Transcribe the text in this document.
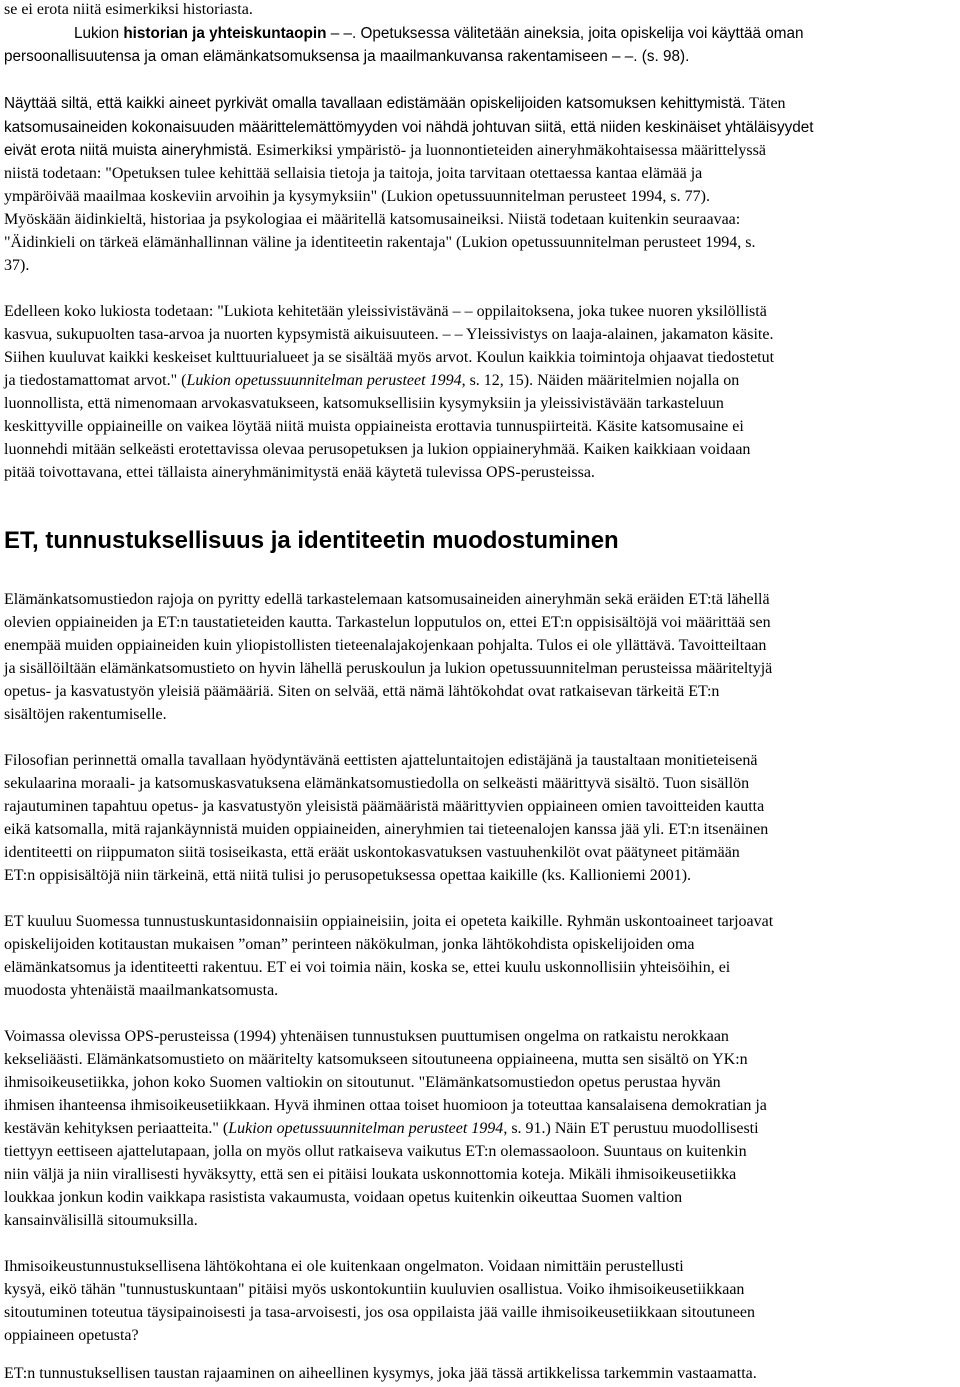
se ei erota niitä esimerkiksi historiasta.
Lukion historian ja yhteiskuntaopin – –. Opetuksessa välitetään aineksia, joita opiskelija voi käyttää oman
persoonallisuutensa ja oman elämänkatsomuksensa ja maailmankuvansa rakentamiseen – –. (s. 98).
Näyttää siltä, että kaikki aineet pyrkivät omalla tavallaan edistämään opiskelijoiden katsomuksen kehittymistä. Täten
katsomusaineiden kokonaisuuden määrittelemättömyyden voi nähdä johtuvan siitä, että niiden keskinäiset yhtäläisyydet
eivät erota niitä muista aineryhmistä. Esimerkiksi ympäristö- ja luonnontieteiden aineryhmäkohtaisessa määrittelyssä
niistä todetaan: "Opetuksen tulee kehittää sellaisia tietoja ja taitoja, joita tarvitaan otettaessa kantaa elämää ja
ympäröivää maailmaa koskeviin arvoihin ja kysymyksiin" (Lukion opetussuunnitelman perusteet 1994, s. 77).
Myöskään äidinkieltä, historiaa ja psykologiaa ei määritellä katsomusaineiksi. Niistä todetaan kuitenkin seuraavaa:
"Äidinkieli on tärkeä elämänhallinnan väline ja identiteetin rakentaja" (Lukion opetussuunnitelman perusteet 1994, s.
37).
Edelleen koko lukiosta todetaan: "Lukiota kehitetään yleissivistävänä – – oppilaitoksena, joka tukee nuoren yksilöllistä
kasvua, sukupuolten tasa-arvoa ja nuorten kypsymistä aikuisuuteen. – – Yleissivistys on laaja-alainen, jakamaton käsite.
Siihen kuuluvat kaikki keskeiset kulttuurialueet ja se sisältää myös arvot. Koulun kaikkia toimintoja ohjaavat tiedostetut
ja tiedostamattomat arvot." (Lukion opetussuunnitelman perusteet 1994, s. 12, 15). Näiden määritelmien nojalla on
luonnollista, että nimenomaan arvokasvatukseen, katsomuksellisiin kysymyksiin ja yleissivistävään tarkasteluun
keskittyville oppiaineille on vaikea löytää niitä muista oppiaineista erottavia tunnuspiirteitä. Käsite katsomusaine ei
luonnehdi mitään selkeästi erotettavissa olevaa perusopetuksen ja lukion oppiaineryhmää. Kaiken kaikkiaan voidaan
pitää toivottavana, ettei tällaista aineryhmänimitystä enää käytetä tulevissa OPS-perusteissa.
ET, tunnustuksellisuus ja identiteetin muodostuminen
Elämänkatsomustiedon rajoja on pyritty edellä tarkastelemaan katsomusaineiden aineryhmän sekä eräiden ET:tä lähellä
olevien oppiaineiden ja ET:n taustatieteiden kautta. Tarkastelun lopputulos on, ettei ET:n oppisisältöjä voi määrittää sen
enempää muiden oppiaineiden kuin yliopistollisten tieteenalajakojenkaan pohjalta. Tulos ei ole yllättävä. Tavoitteiltaan
ja sisällöiltään elämänkatsomustieto on hyvin lähellä peruskoulun ja lukion opetussuunnitelman perusteissa määriteltyjä
opetus- ja kasvatustyön yleisiä päämääriä. Siten on selvää, että nämä lähtökohdat ovat ratkaisevan tärkeitä ET:n
sisältöjen rakentumiselle.
Filosofian perinnettä omalla tavallaan hyödyntävänä eettisten ajatteluntaitojen edistäjänä ja taustaltaan monitieteisenä
sekulaarina moraali- ja katsomuskasvatuksena elämänkatsomustiedolla on selkeästi määrittyvä sisältö. Tuon sisällön
rajautuminen tapahtuu opetus- ja kasvatustyön yleisistä päämääristä määrittyvien oppiaineen omien tavoitteiden kautta
eikä katsomalla, mitä rajankäynnistä muiden oppiaineiden, aineryhmien tai tieteenalojen kanssa jää yli. ET:n itsenäinen
identiteetti on riippumaton siitä tosiseikasta, että eräät uskontokasvatuksen vastuuhenkilöt ovat päätyneet pitämään
ET:n oppisisältöjä niin tärkeinä, että niitä tulisi jo perusopetuksessa opettaa kaikille (ks. Kallioniemi 2001).
ET kuuluu Suomessa tunnustuskuntasidonnaisiin oppiaineisiin, joita ei opeteta kaikille. Ryhmän uskontoaineet tarjoavat
opiskelijoiden kotitaustan mukaisen ”oman” perinteen näkökulman, jonka lähtökohdista opiskelijoiden oma
elämänkatsomus ja identiteetti rakentuu. ET ei voi toimia näin, koska se, ettei kuulu uskonnollisiin yhteisöihin, ei
muodosta yhtenäistä maailmankatsomusta.
Voimassa olevissa OPS-perusteissa (1994) yhtenäisen tunnustuksen puuttumisen ongelma on ratkaistu nerokkaan
kekseliäästi. Elämänkatsomustieto on määritelty katsomukseen sitoutuneena oppiaineena, mutta sen sisältö on YK:n
ihmisoikeusetiikka, johon koko Suomen valtiokin on sitoutunut. "Elämänkatsomustiedon opetus perustaa hyvän
ihmisen ihanteensa ihmisoikeusetiikkaan. Hyvä ihminen ottaa toiset huomioon ja toteuttaa kansalaisena demokratian ja
kestävän kehityksen periaatteita." (Lukion opetussuunnitelman perusteet 1994, s. 91.) Näin ET perustuu muodollisesti
tiettyyn eettiseen ajattelutapaan, jolla on myös ollut ratkaiseva vaikutus ET:n olemassaoloon. Suuntaus on kuitenkin
niin väljä ja niin virallisesti hyväksytty, että sen ei pitäisi loukata uskonnottomia koteja. Mikäli ihmisoikeusetiikka
loukkaa jonkun kodin vaikkapa rasistista vakaumusta, voidaan opetus kuitenkin oikeuttaa Suomen valtion
kansainvälisillä sitoumuksilla.
Ihmisoikeustunnustuksellisena lähtökohtana ei ole kuitenkaan ongelmaton. Voidaan nimittäin perustellusti
kysyä, eikö tähän "tunnustuskuntaan" pitäisi myös uskontokuntiin kuuluvien osallistua. Voiko ihmisoikeusetiikkaan
sitoutuminen toteutua täysipainoisesti ja tasa-arvoisesti, jos osa oppilaista jää vaille ihmisoikeusetiikkaan sitoutuneen
oppiaineen opetusta?
ET:n tunnustuksellisen taustan rajaaminen on aiheellinen kysymys, joka jää tässä artikkelissa tarkemmin vastaamatta.
